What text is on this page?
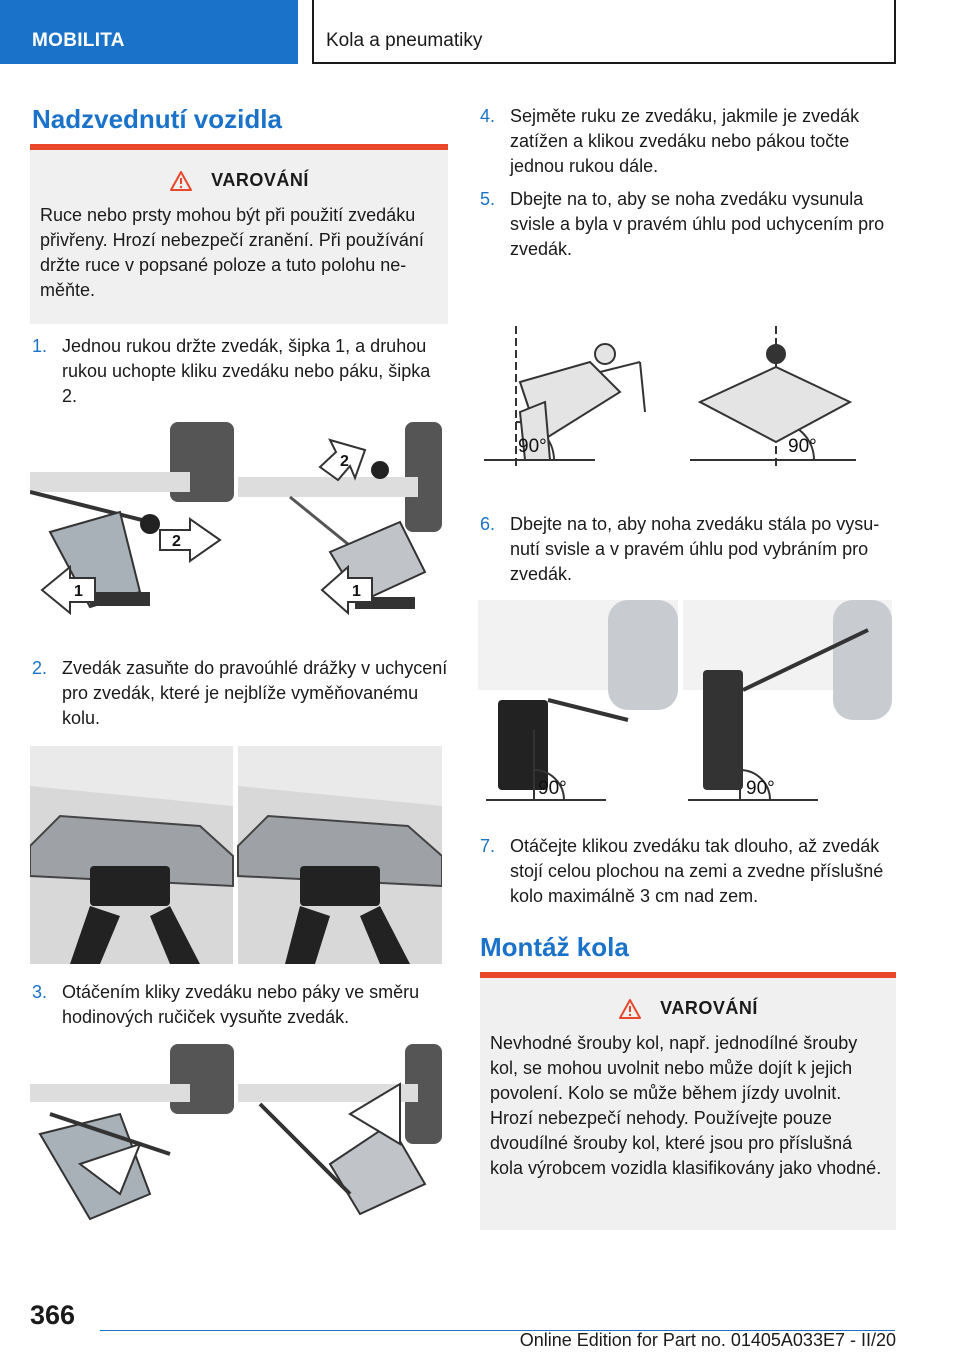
MOBILITA	Kola a pneumatiky
Nadzvednutí vozidla
VAROVÁNÍ
Ruce nebo prsty mohou být při použití zvedáku přivřeny. Hrozí nebezpečí zranění. Při používání držte ruce v popsané poloze a tuto polohu neměňte.
1. Jednou rukou držte zvedák, šipka 1, a druhou rukou uchopte kliku zvedáku nebo páku, šipka 2.
1
2
2
1
2. Zvedák zasuňte do pravoúhlé drážky v uchycení pro zvedák, které je nejblíže vyměňovanému kolu.
3. Otáčením kliky zvedáku nebo páky ve směru hodinových ručiček vysuňte zvedák.
4. Sejměte ruku ze zvedáku, jakmile je zvedák zatížen a klikou zvedáku nebo pákou točte jednou rukou dále.
5. Dbejte na to, aby se noha zvedáku vysunula svisle a byla v pravém úhlu pod uchycením pro zvedák.
90°	90°
6. Dbejte na to, aby noha zvedáku stála po vysunutí svisle a v pravém úhlu pod vybráním pro zvedák.
90°	90°
7. Otáčejte klikou zvedáku tak dlouho, až zvedák stojí celou plochou na zemi a zvedne příslušné kolo maximálně 3 cm nad zem.
Montáž kola
VAROVÁNÍ
Nevhodné šrouby kol, např. jednodílné šrouby kol, se mohou uvolnit nebo může dojít k jejich povolení. Kolo se může během jízdy uvolnit. Hrozí nebezpečí nehody. Používejte pouze dvoudílné šrouby kol, které jsou pro příslušná kola výrobcem vozidla klasifikovány jako vhodné.
366
Online Edition for Part no. 01405A033E7 - II/20
